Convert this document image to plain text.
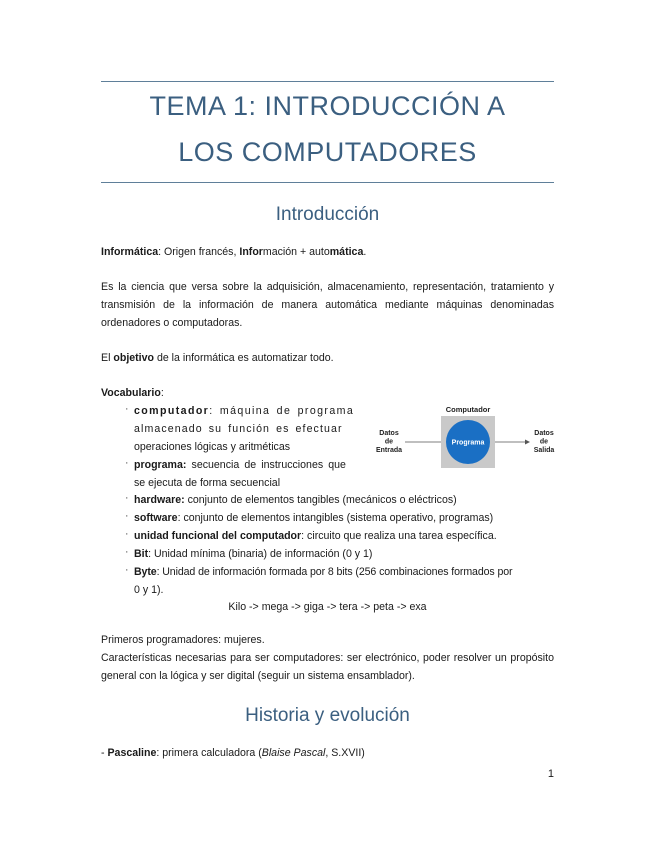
TEMA 1: INTRODUCCIÓN A
LOS COMPUTADORES
Introducción
Informática: Origen francés, Información + automática.
Es la ciencia que versa sobre la adquisición, almacenamiento, representación, tratamiento y transmisión de la información de manera automática mediante máquinas denominadas ordenadores o computadoras.
El objetivo de la informática es automatizar todo.
Vocabulario:
· computador: máquina de programa
almacenado su función es efectuar
operaciones lógicas y aritméticas
· programa: secuencia de instrucciones que
se ejecuta de forma secuencial
· hardware: conjunto de elementos tangibles (mecánicos o eléctricos)
· software: conjunto de elementos intangibles (sistema operativo, programas)
· unidad funcional del computador: circuito que realiza una tarea específica.
· Bit: Unidad mínima (binaria) de información (0 y 1)
· Byte: Unidad de información formada por 8 bits (256 combinaciones formados por
0 y 1).
Kilo -> mega -> giga -> tera -> peta -> exa
Computador
Programa
Datos
de
Entrada
Datos
de
Salida
Primeros programadores: mujeres.
Características necesarias para ser computadores: ser electrónico, poder resolver un propósito general con la lógica y ser digital (seguir un sistema ensamblador).
Historia y evolución
- Pascaline: primera calculadora (Blaise Pascal, S.XVII)
1
